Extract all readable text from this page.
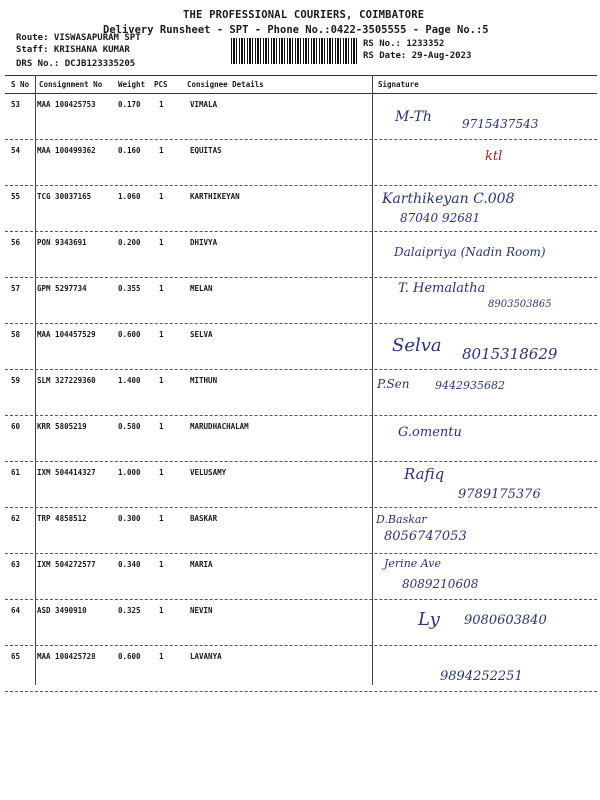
THE PROFESSIONAL COURIERS, COIMBATORE
Delivery Runsheet - SPT - Phone No.:0422-3505555 - Page No.:5
Route: VISWASAPURAM SPT
Staff: KRISHANA KUMAR
DRS No.: DCJB123335205
RS No.: 1233352
RS Date: 29-Aug-2023
S No Consignment No Weight PCS	Consignee Details	Signature
53 MAA 100425753	0.170 1	VIMALA
M-Th	9715437543
54 MAA 100499362	0.160 1	EQUITAS	ktl
55 TCG 30037165	1.060 1	KARTHIKEYAN	Karthikeyan C.008
87040 92681
56 PON 9343691	0.200 1	DHIVYA
Dalaipriya (Nadin Room)
57 GPM 5297734	0.355 1	MELAN	T. Hemalatha
8903503865
58 MAA 104457529	0.600 1	SELVA
Selva 8015318629
59 SLM 327229360	1.400 1	MITHUN	P.Sen 9442935682
60 KRR 5805219	0.580 1	MARUDHACHALAM	G.omentu
61 IXM 504414327	1.000 1	VELUSAMY	Rafiq
9789175376
62 TRP 4858512	0.300 1	BASKAR	D.Baskar
8056747053
63 IXM 504272577	0.340 1	MARIA	Jerine Ave
8089210608
64 ASD 3490910	0.325 1	NEVIN	Ly 9080603840
65 MAA 100425728	0.600 1	LAVANYA
9894252251
